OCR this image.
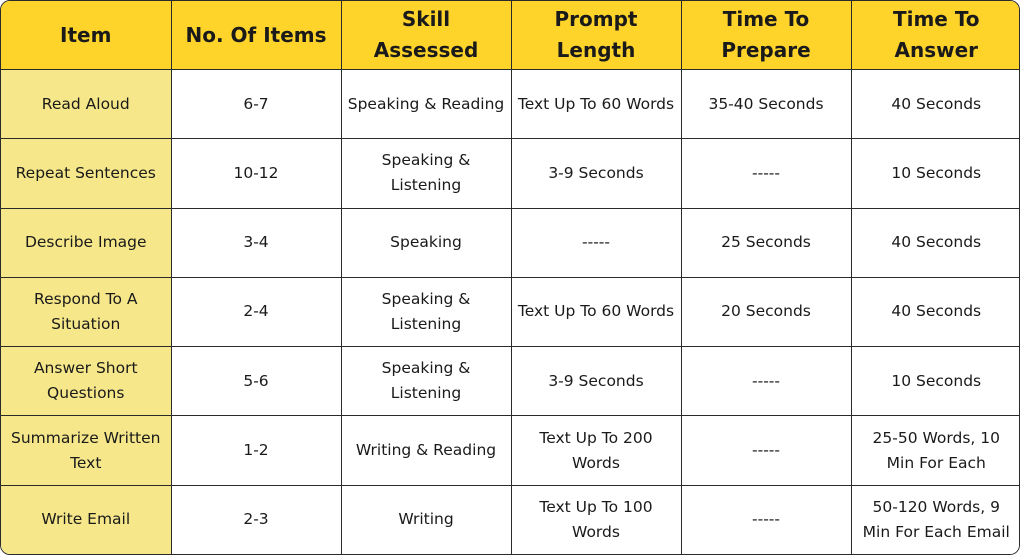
Item	No. Of Items	Skill Assessed	Prompt Length	Time To Prepare	Time To Answer
Read Aloud	6-7	Speaking & Reading	Text Up To 60 Words	35-40 Seconds	40 Seconds
Repeat Sentences	10-12	Speaking & Listening	3-9 Seconds	-----	10 Seconds
Describe Image	3-4	Speaking	-----	25 Seconds	40 Seconds
Respond To A Situation	2-4	Speaking & Listening	Text Up To 60 Words	20 Seconds	40 Seconds
Answer Short Questions	5-6	Speaking & Listening	3-9 Seconds	-----	10 Seconds
Summarize Written Text	1-2	Writing & Reading	Text Up To 200 Words	-----	25-50 Words, 10 Min For Each
Write Email	2-3	Writing	Text Up To 100 Words	-----	50-120 Words, 9 Min For Each Email
